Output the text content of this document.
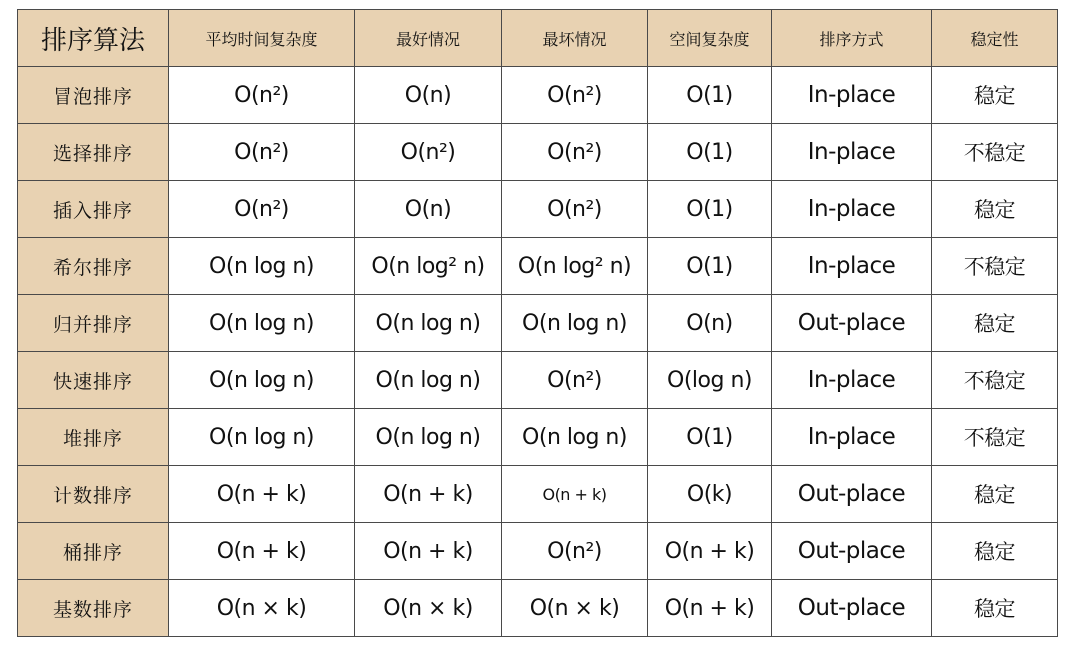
排序算法	平均时间复杂度	最好情况	最坏情况	空间复杂度	排序方式	稳定性
冒泡排序	O(n²)	O(n)	O(n²)	O(1)	In-place	稳定
选择排序	O(n²)	O(n²)	O(n²)	O(1)	In-place	不稳定
插入排序	O(n²)	O(n)	O(n²)	O(1)	In-place	稳定
希尔排序	O(n log n)	O(n log² n)	O(n log² n)	O(1)	In-place	不稳定
归并排序	O(n log n)	O(n log n)	O(n log n)	O(n)	Out-place	稳定
快速排序	O(n log n)	O(n log n)	O(n²)	O(log n)	In-place	不稳定
堆排序	O(n log n)	O(n log n)	O(n log n)	O(1)	In-place	不稳定
计数排序	O(n + k)	O(n + k)	O(n + k)	O(k)	Out-place	稳定
桶排序	O(n + k)	O(n + k)	O(n²)	O(n + k)	Out-place	稳定
基数排序	O(n × k)	O(n × k)	O(n × k)	O(n + k)	Out-place	稳定
